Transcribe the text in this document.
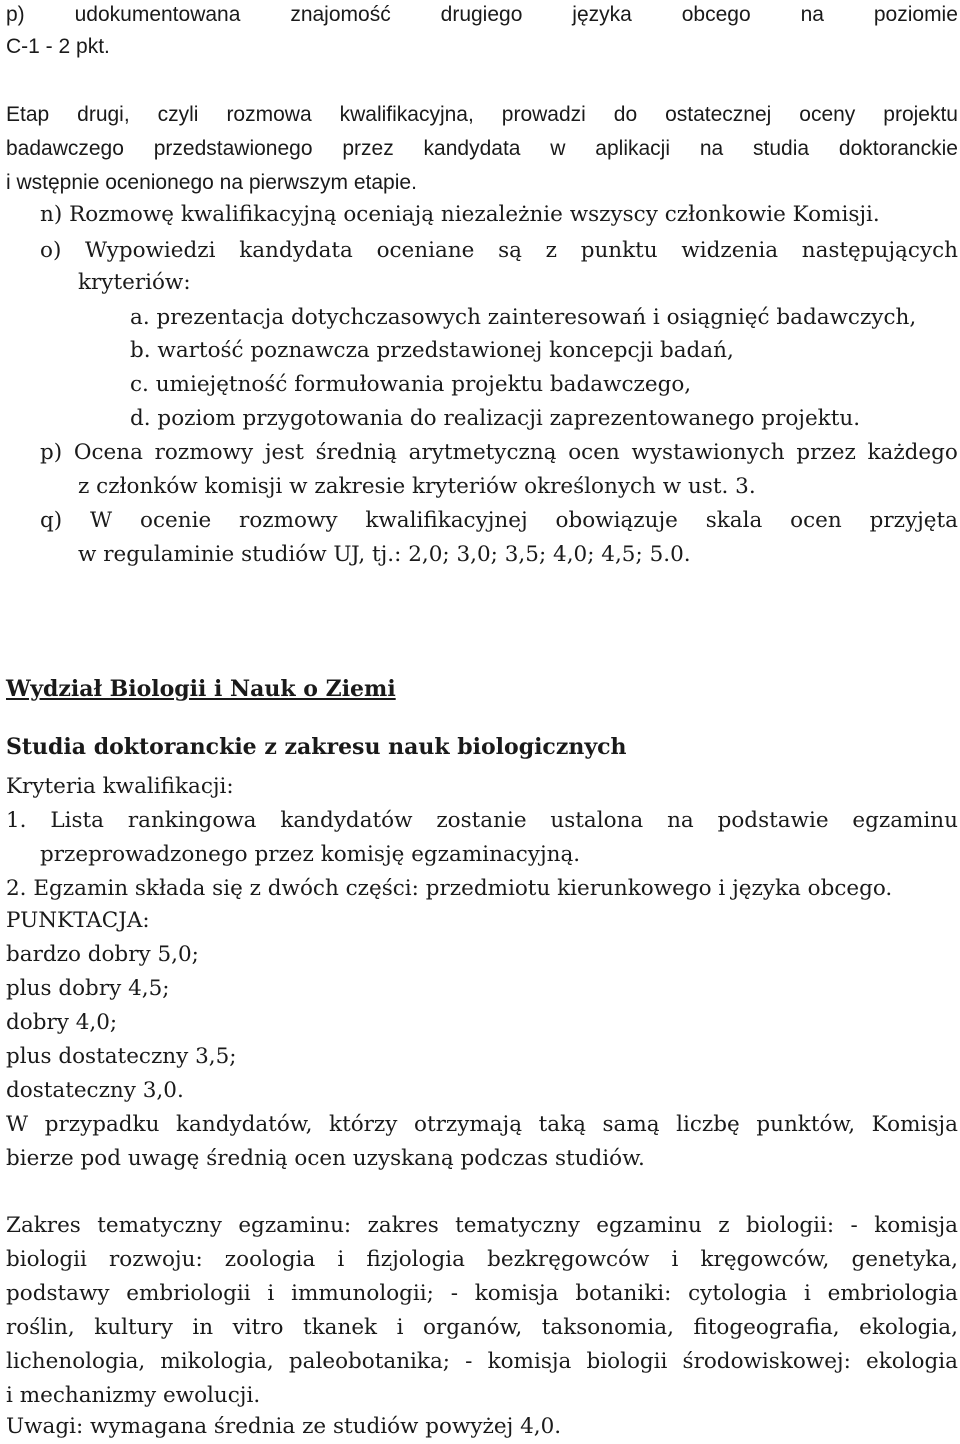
p) udokumentowana znajomość drugiego języka obcego na poziomie
C-1 - 2 pkt.
Etap drugi, czyli rozmowa kwalifikacyjna, prowadzi do ostatecznej oceny projektu
badawczego przedstawionego przez kandydata w aplikacji na studia doktoranckie
i wstępnie ocenionego na pierwszym etapie.
n) Rozmowę kwalifikacyjną oceniają niezależnie wszyscy członkowie Komisji.
o) Wypowiedzi kandydata oceniane są z punktu widzenia następujących
kryteriów:
a. prezentacja dotychczasowych zainteresowań i osiągnięć badawczych,
b. wartość poznawcza przedstawionej koncepcji badań,
c. umiejętność formułowania projektu badawczego,
d. poziom przygotowania do realizacji zaprezentowanego projektu.
p) Ocena rozmowy jest średnią arytmetyczną ocen wystawionych przez każdego
z członków komisji w zakresie kryteriów określonych w ust. 3.
q) W ocenie rozmowy kwalifikacyjnej obowiązuje skala ocen przyjęta
w regulaminie studiów UJ, tj.: 2,0; 3,0; 3,5; 4,0; 4,5; 5.0.
Wydział Biologii i Nauk o Ziemi
Studia doktoranckie z zakresu nauk biologicznych
Kryteria kwalifikacji:
1. Lista rankingowa kandydatów zostanie ustalona na podstawie egzaminu
przeprowadzonego przez komisję egzaminacyjną.
2. Egzamin składa się z dwóch części: przedmiotu kierunkowego i języka obcego.
PUNKTACJA:
bardzo dobry 5,0;
plus dobry 4,5;
dobry 4,0;
plus dostateczny 3,5;
dostateczny 3,0.
W przypadku kandydatów, którzy otrzymają taką samą liczbę punktów, Komisja
bierze pod uwagę średnią ocen uzyskaną podczas studiów.
Zakres tematyczny egzaminu: zakres tematyczny egzaminu z biologii: - komisja
biologii rozwoju: zoologia i fizjologia bezkręgowców i kręgowców, genetyka,
podstawy embriologii i immunologii; - komisja botaniki: cytologia i embriologia
roślin, kultury in vitro tkanek i organów, taksonomia, fitogeografia, ekologia,
lichenologia, mikologia, paleobotanika; - komisja biologii środowiskowej: ekologia
i mechanizmy ewolucji.
Uwagi: wymagana średnia ze studiów powyżej 4,0.
